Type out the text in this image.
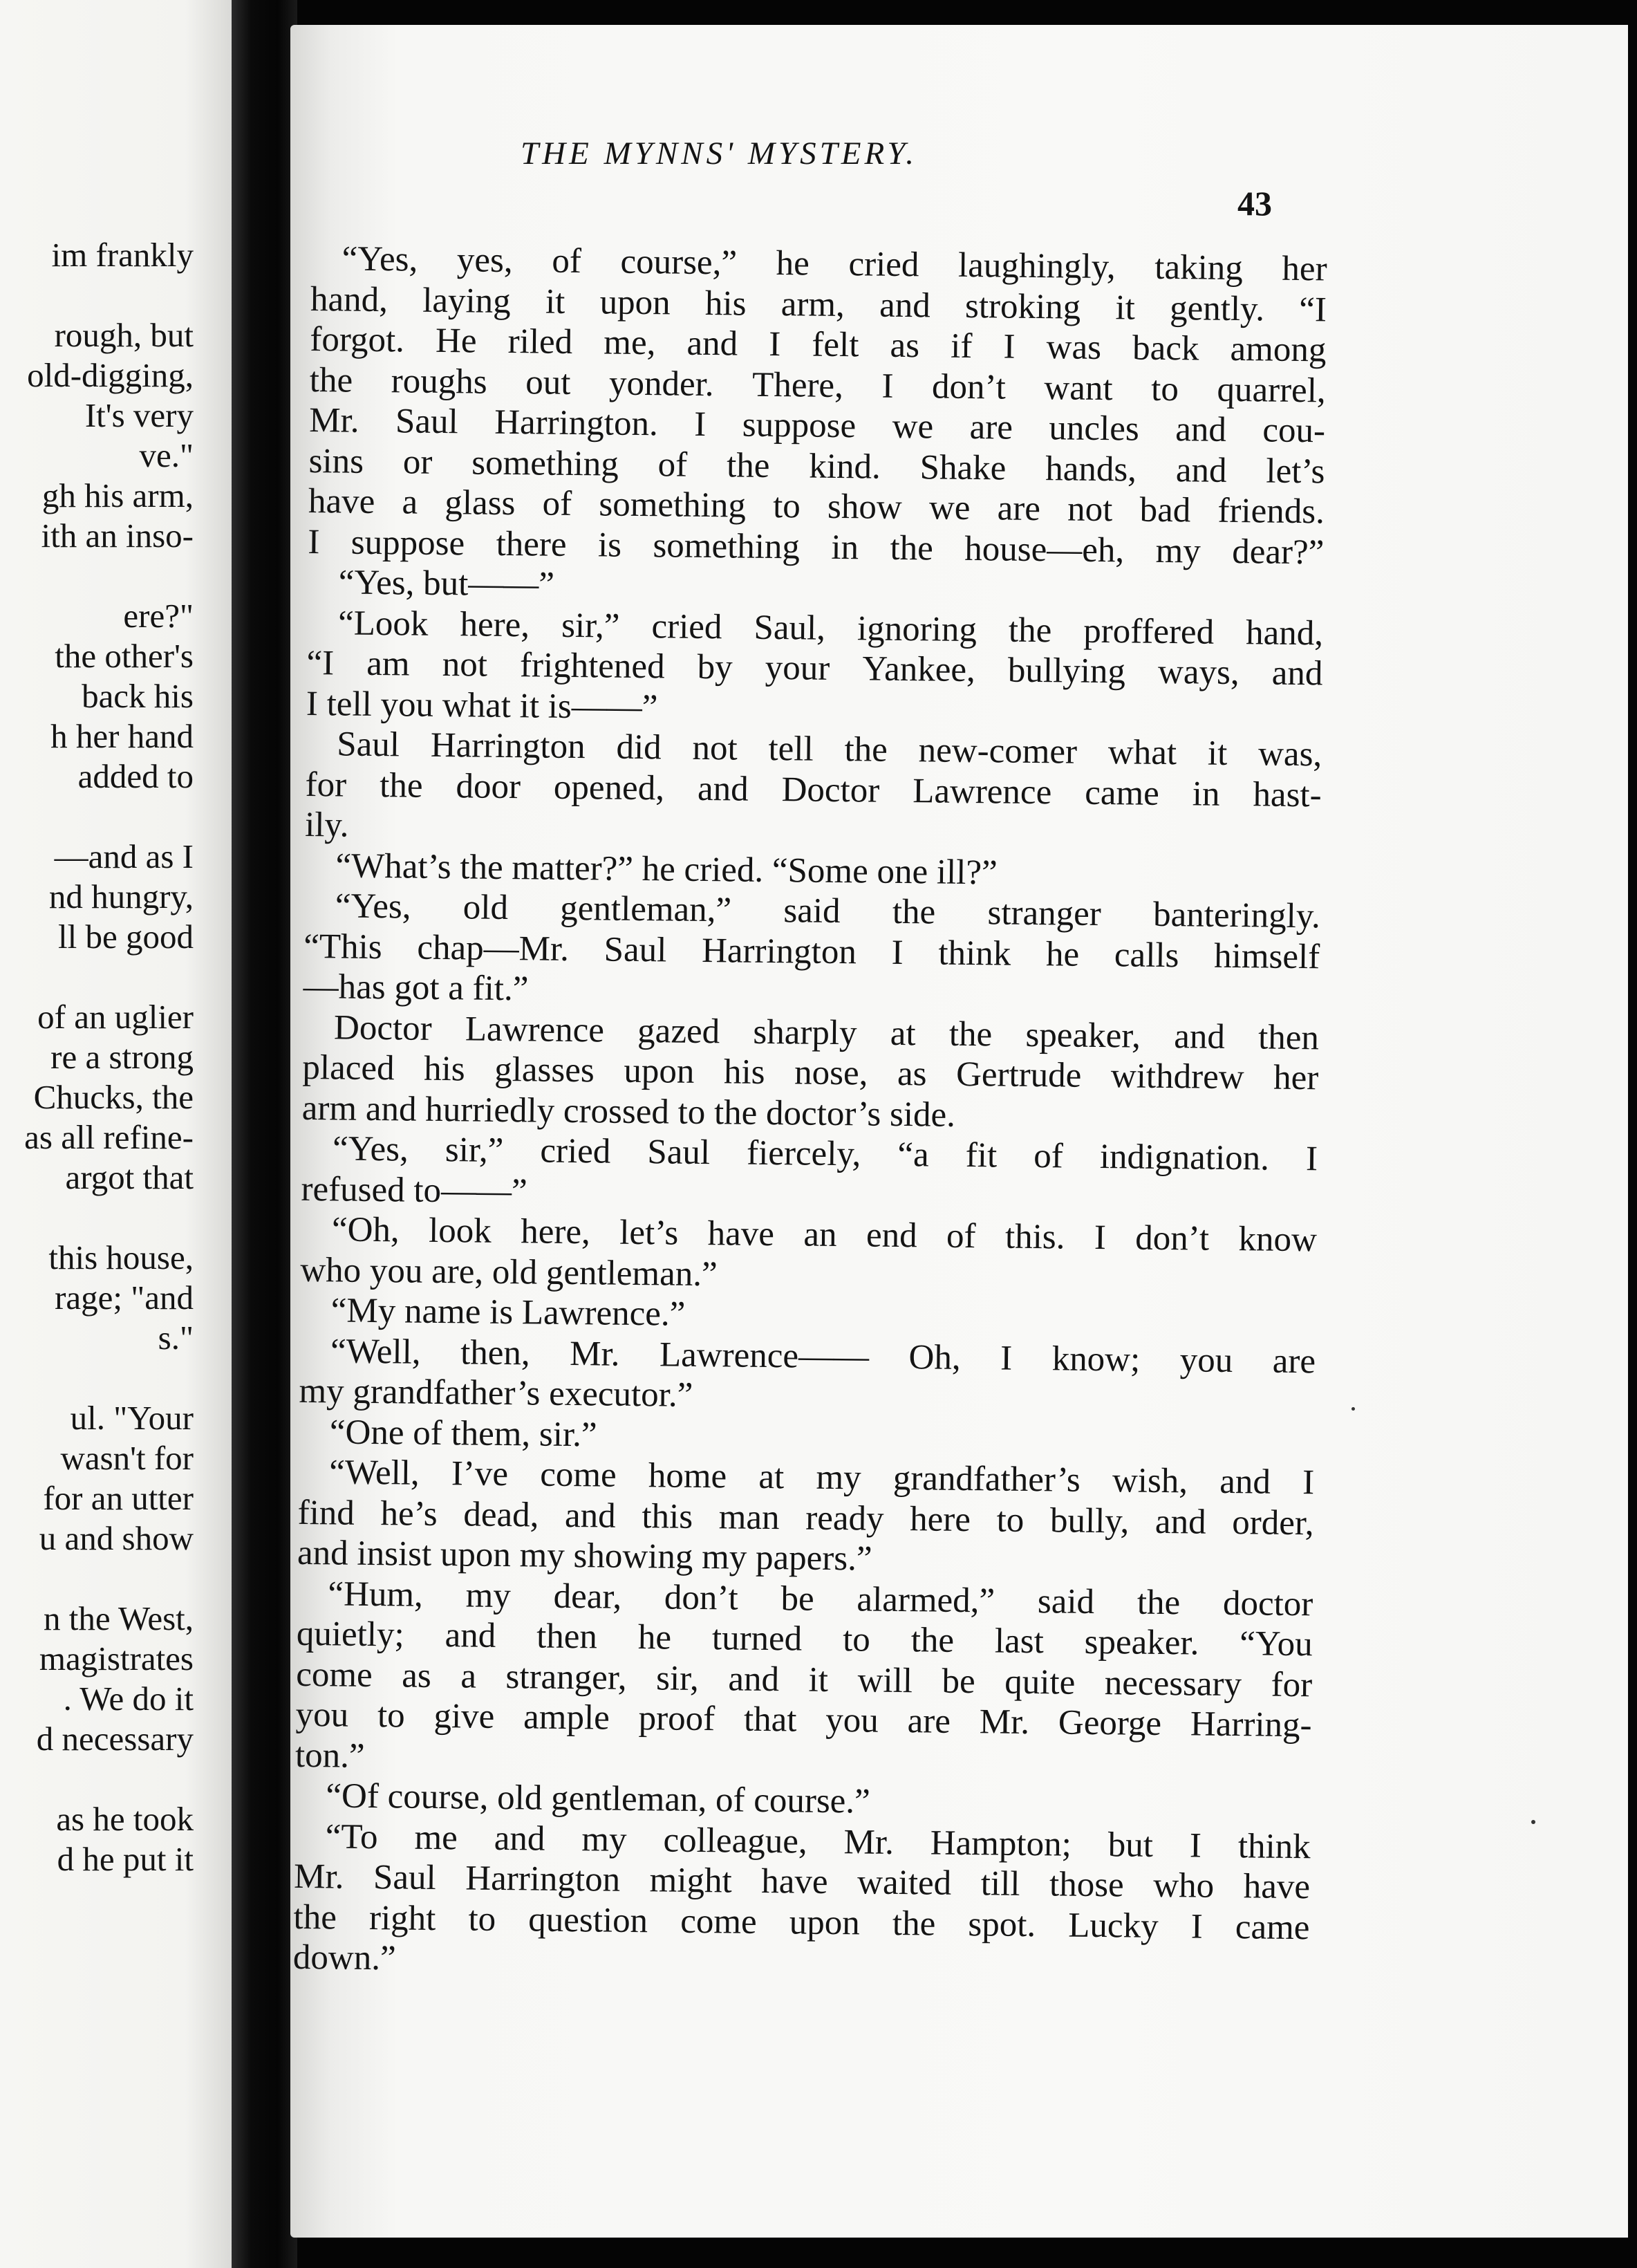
im frankly
rough, but
old-digging,
It's very
ve."
gh his arm,
ith an inso-
ere?"
the other's
back his
h her hand
added to
—and as I
nd hungry,
ll be good
of an uglier
re a strong
Chucks, the
as all refine-
argot that
this house,
rage; "and
s."
ul. "Your
wasn't for
for an utter
u and show
n the West,
magistrates
. We do it
d necessary
as he took
d he put it
THE MYNNS' MYSTERY.
43
“Yes, yes, of course,” he cried laughingly, taking her
hand, laying it upon his arm, and stroking it gently. “I
forgot. He riled me, and I felt as if I was back among
the roughs out yonder. There, I don’t want to quarrel,
Mr. Saul Harrington. I suppose we are uncles and cou-
sins or something of the kind. Shake hands, and let’s
have a glass of something to show we are not bad friends.
I suppose there is something in the house—eh, my dear?”
“Yes, but——”
“Look here, sir,” cried Saul, ignoring the proffered hand,
“I am not frightened by your Yankee, bullying ways, and
I tell you what it is——”
Saul Harrington did not tell the new-comer what it was,
for the door opened, and Doctor Lawrence came in hast-
ily.
“What’s the matter?” he cried. “Some one ill?”
“Yes, old gentleman,” said the stranger banteringly.
“This chap—Mr. Saul Harrington I think he calls himself
—has got a fit.”
Doctor Lawrence gazed sharply at the speaker, and then
placed his glasses upon his nose, as Gertrude withdrew her
arm and hurriedly crossed to the doctor’s side.
“Yes, sir,” cried Saul fiercely, “a fit of indignation. I
refused to——”
“Oh, look here, let’s have an end of this. I don’t know
who you are, old gentleman.”
“My name is Lawrence.”
“Well, then, Mr. Lawrence—— Oh, I know; you are
my grandfather’s executor.”
“One of them, sir.”
“Well, I’ve come home at my grandfather’s wish, and I
find he’s dead, and this man ready here to bully, and order,
and insist upon my showing my papers.”
“Hum, my dear, don’t be alarmed,” said the doctor
quietly; and then he turned to the last speaker. “You
come as a stranger, sir, and it will be quite necessary for
you to give ample proof that you are Mr. George Harring-
ton.”
“Of course, old gentleman, of course.”
“To me and my colleague, Mr. Hampton; but I think
Mr. Saul Harrington might have waited till those who have
the right to question come upon the spot. Lucky I came
down.”
